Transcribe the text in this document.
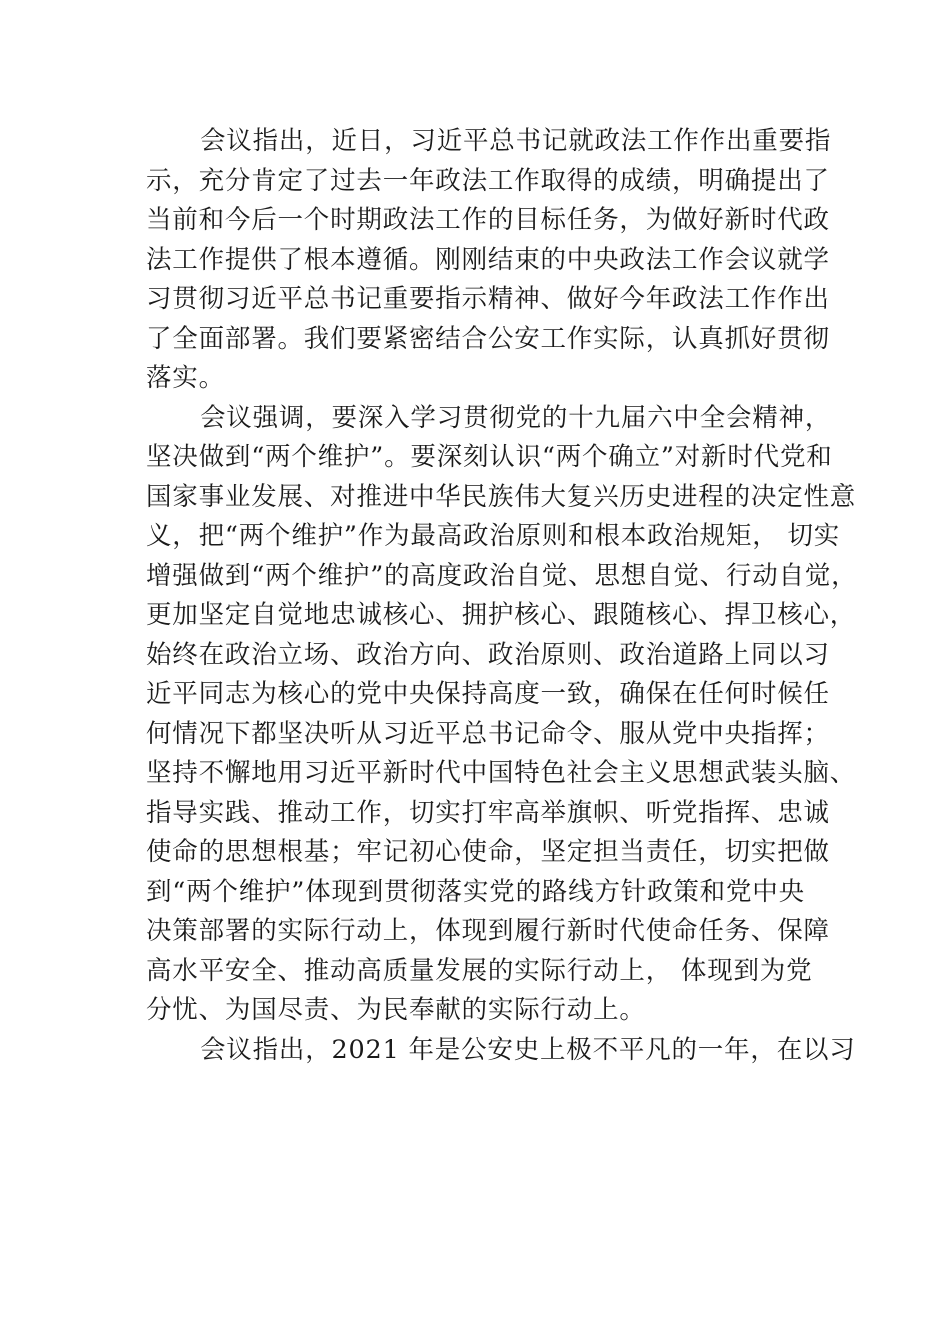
会议指出，近日，习近平总书记就政法工作作出重要指
示，充分肯定了过去一年政法工作取得的成绩，明确提出了
当前和今后一个时期政法工作的目标任务，为做好新时代政
法工作提供了根本遵循。刚刚结束的中央政法工作会议就学
习贯彻习近平总书记重要指示精神、做好今年政法工作作出
了全面部署。我们要紧密结合公安工作实际，认真抓好贯彻
落实。
会议强调，要深入学习贯彻党的十九届六中全会精神，
坚决做到“两个维护”。要深刻认识“两个确立”对新时代党和
国家事业发展、对推进中华民族伟大复兴历史进程的决定性意
义，把“两个维护”作为最高政治原则和根本政治规矩， 切实
增强做到“两个维护”的高度政治自觉、思想自觉、行动自觉，
更加坚定自觉地忠诚核心、拥护核心、跟随核心、捍卫核心，
始终在政治立场、政治方向、政治原则、政治道路上同以习
近平同志为核心的党中央保持高度一致，确保在任何时候任
何情况下都坚决听从习近平总书记命令、服从党中央指挥；
坚持不懈地用习近平新时代中国特色社会主义思想武装头脑、
指导实践、推动工作，切实打牢高举旗帜、听党指挥、忠诚
使命的思想根基；牢记初心使命，坚定担当责任，切实把做
到“两个维护”体现到贯彻落实党的路线方针政策和党中央
决策部署的实际行动上，体现到履行新时代使命任务、保障
高水平安全、推动高质量发展的实际行动上， 体现到为党
分忧、为国尽责、为民奉献的实际行动上。
会议指出，2021 年是公安史上极不平凡的一年，在以习
